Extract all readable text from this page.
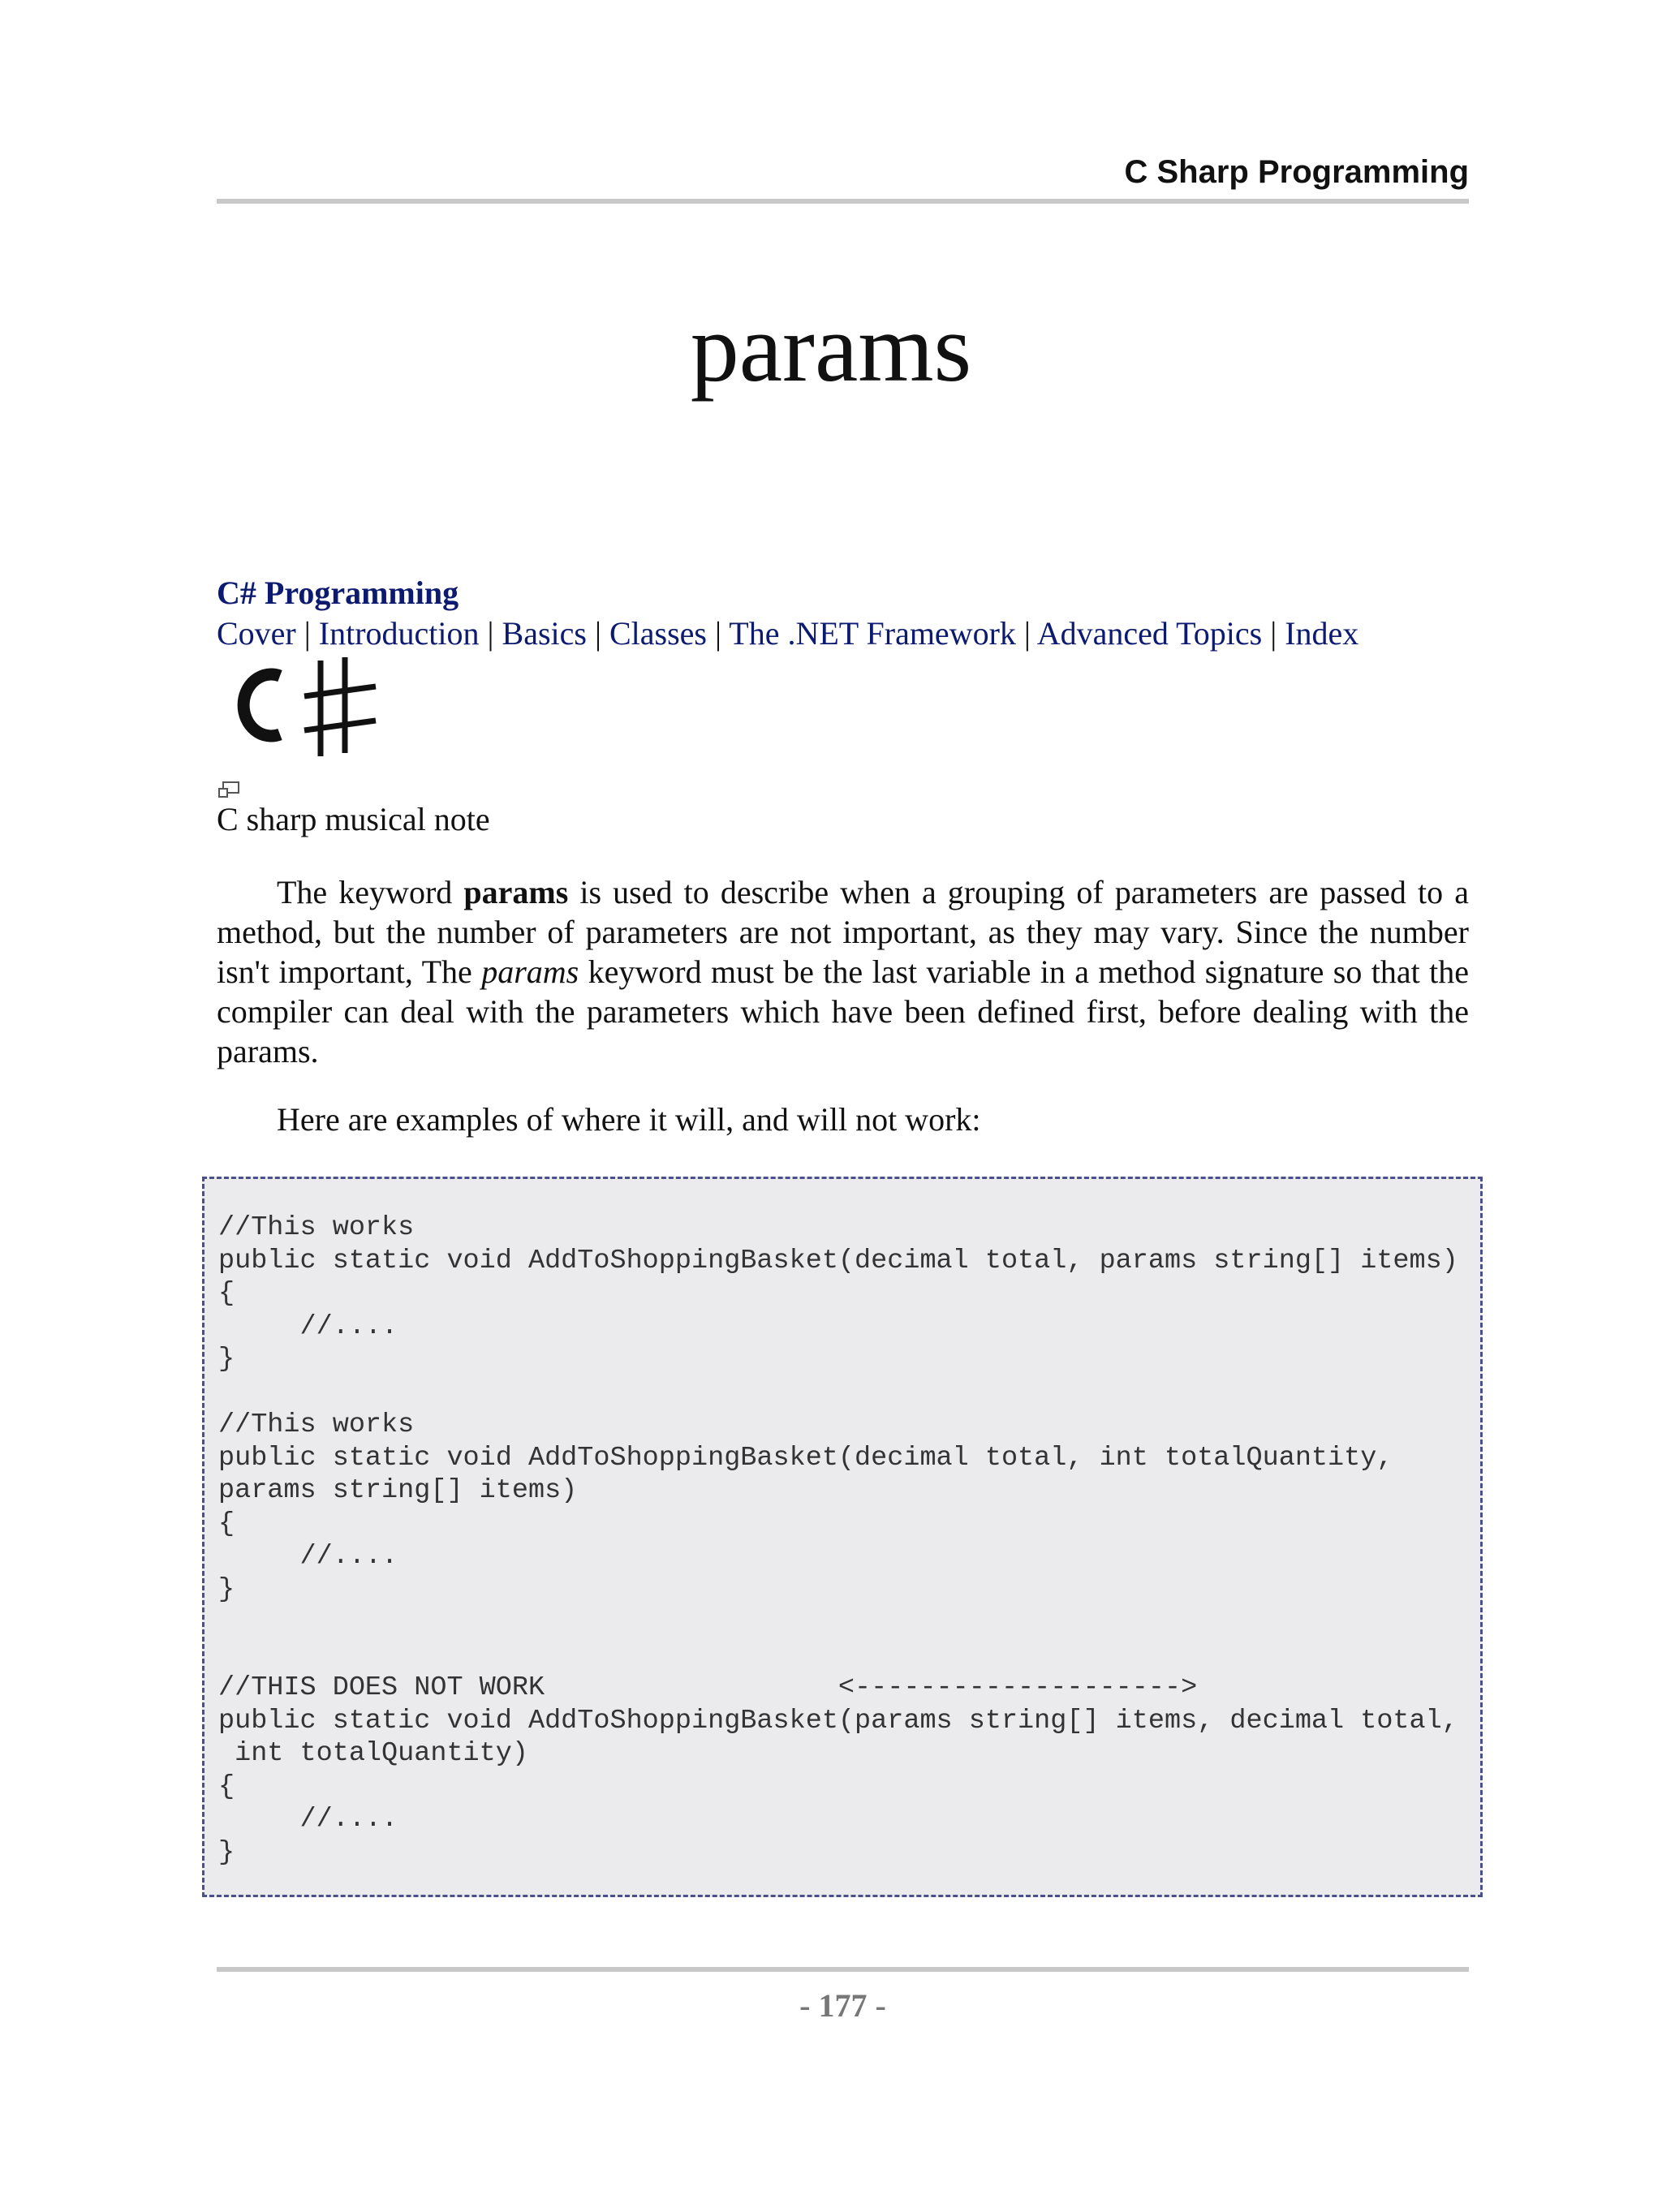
C Sharp Programming
params
C# Programming
Cover | Introduction | Basics | Classes | The .NET Framework | Advanced Topics | Index
C sharp musical note

The keyword params is used to describe when a grouping of parameters are passed to a method, but the number of parameters are not important, as they may vary. Since the number isn't important, The params keyword must be the last variable in a method signature so that the compiler can deal with the parameters which have been defined first, before dealing with the params.

Here are examples of where it will, and will not work:

//This works
public static void AddToShoppingBasket(decimal total, params string[] items)
{
//....
}

//This works
public static void AddToShoppingBasket(decimal total, int totalQuantity,
params string[] items)
{
//....
}

//THIS DOES NOT WORK                  <-------------------->
public static void AddToShoppingBasket(params string[] items, decimal total,
int totalQuantity)
{
//....
}
- 177 -
